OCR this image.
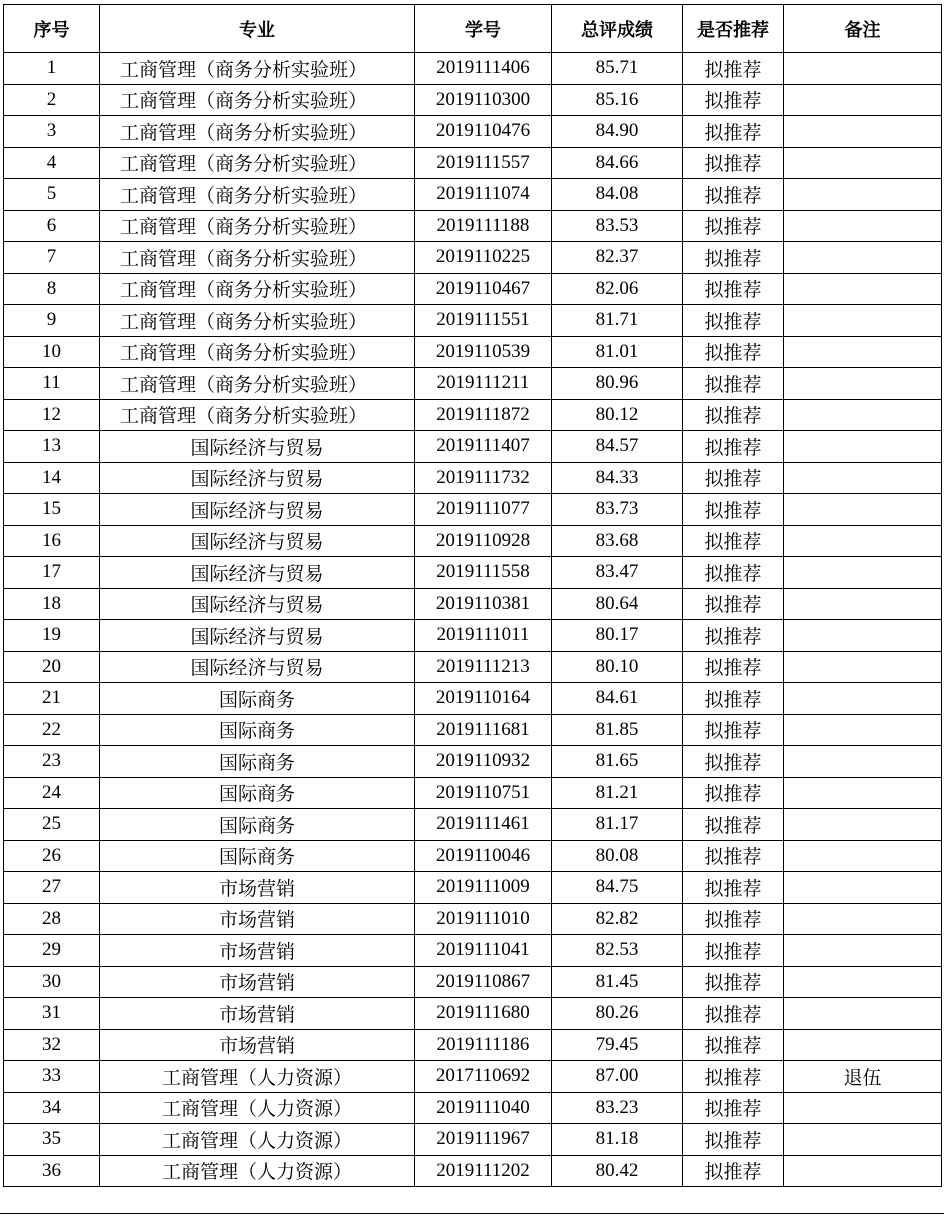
序号	专业	学号	总评成绩	是否推荐	备注
1	工商管理（商务分析实验班）	2019111406	85.71	拟推荐	
2	工商管理（商务分析实验班）	2019110300	85.16	拟推荐	
3	工商管理（商务分析实验班）	2019110476	84.90	拟推荐	
4	工商管理（商务分析实验班）	2019111557	84.66	拟推荐	
5	工商管理（商务分析实验班）	2019111074	84.08	拟推荐	
6	工商管理（商务分析实验班）	2019111188	83.53	拟推荐	
7	工商管理（商务分析实验班）	2019110225	82.37	拟推荐	
8	工商管理（商务分析实验班）	2019110467	82.06	拟推荐	
9	工商管理（商务分析实验班）	2019111551	81.71	拟推荐	
10	工商管理（商务分析实验班）	2019110539	81.01	拟推荐	
11	工商管理（商务分析实验班）	2019111211	80.96	拟推荐	
12	工商管理（商务分析实验班）	2019111872	80.12	拟推荐	
13	国际经济与贸易	2019111407	84.57	拟推荐	
14	国际经济与贸易	2019111732	84.33	拟推荐	
15	国际经济与贸易	2019111077	83.73	拟推荐	
16	国际经济与贸易	2019110928	83.68	拟推荐	
17	国际经济与贸易	2019111558	83.47	拟推荐	
18	国际经济与贸易	2019110381	80.64	拟推荐	
19	国际经济与贸易	2019111011	80.17	拟推荐	
20	国际经济与贸易	2019111213	80.10	拟推荐	
21	国际商务	2019110164	84.61	拟推荐	
22	国际商务	2019111681	81.85	拟推荐	
23	国际商务	2019110932	81.65	拟推荐	
24	国际商务	2019110751	81.21	拟推荐	
25	国际商务	2019111461	81.17	拟推荐	
26	国际商务	2019110046	80.08	拟推荐	
27	市场营销	2019111009	84.75	拟推荐	
28	市场营销	2019111010	82.82	拟推荐	
29	市场营销	2019111041	82.53	拟推荐	
30	市场营销	2019110867	81.45	拟推荐	
31	市场营销	2019111680	80.26	拟推荐	
32	市场营销	2019111186	79.45	拟推荐	
33	工商管理（人力资源）	2017110692	87.00	拟推荐	退伍
34	工商管理（人力资源）	2019111040	83.23	拟推荐	
35	工商管理（人力资源）	2019111967	81.18	拟推荐	
36	工商管理（人力资源）	2019111202	80.42	拟推荐	
